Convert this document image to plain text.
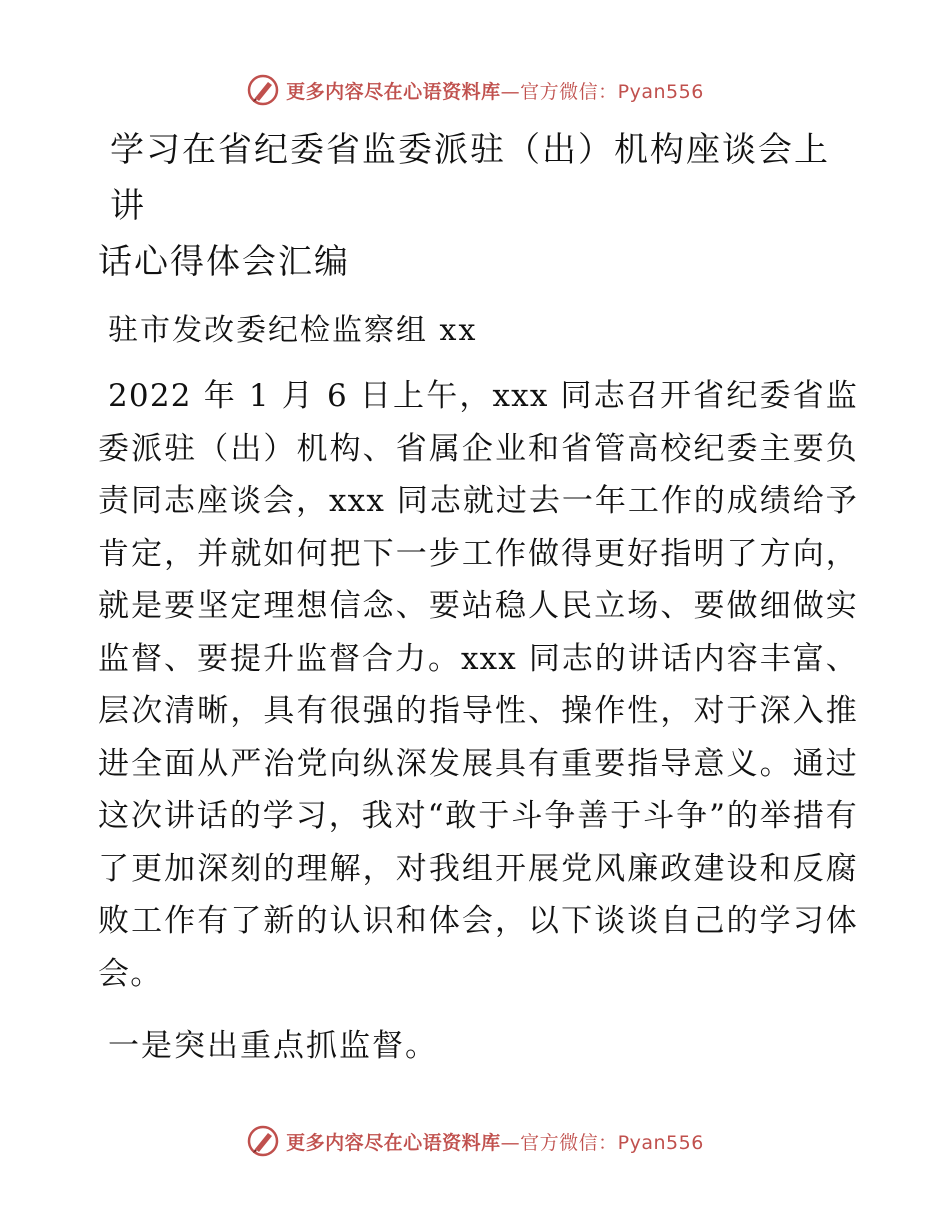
更多内容尽在心语资料库—官方微信：Pyan556
学习在省纪委省监委派驻（出）机构座谈会上讲
话心得体会汇编

驻市发改委纪检监察组 xx

2022 年 1 月 6 日上午，xxx 同志召开省纪委省监委派驻（出）机构、省属企业和省管高校纪委主要负责同志座谈会，xxx 同志就过去一年工作的成绩给予肯定，并就如何把下一步工作做得更好指明了方向，就是要坚定理想信念、要站稳人民立场、要做细做实监督、要提升监督合力。xxx 同志的讲话内容丰富、层次清晰，具有很强的指导性、操作性，对于深入推进全面从严治党向纵深发展具有重要指导意义。通过这次讲话的学习，我对“敢于斗争善于斗争”的举措有了更加深刻的理解，对我组开展党风廉政建设和反腐败工作有了新的认识和体会，以下谈谈自己的学习体会。

一是突出重点抓监督。

更多内容尽在心语资料库—官方微信：Pyan556
